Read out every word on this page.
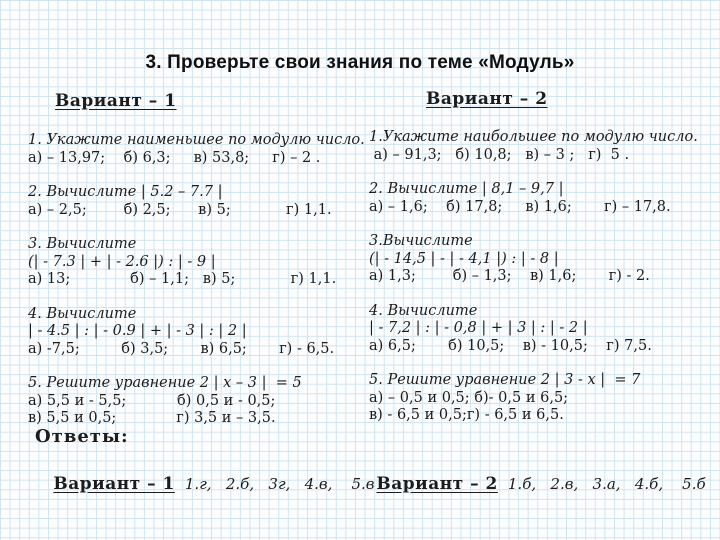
3. Проверьте свои знания по теме «Модуль»
Вариант – 1	Вариант – 2
1. Укажите наименьшее по модулю число.
а) – 13,97;    б) 6,3;     в) 53,8;     г) – 2 .
2. Вычислите | 5.2 – 7.7 |
а) – 2,5;        б) 2,5;      в) 5;            г) 1,1.
3. Вычислите
(| - 7.3 | + | - 2.6 |) : | - 9 |
а) 13;             б) – 1,1;   в) 5;            г) 1,1.
4. Вычислите
| - 4.5 | : | - 0.9 | + | - 3 | : | 2 |
а) -7,5;         б) 3,5;       в) 6,5;       г) - 6,5.
5. Решите уравнение 2 | x – 3 |  = 5
а) 5,5 и - 5,5;           б) 0,5 и - 0,5;
в) 5,5 и 0,5;             г) 3,5 и – 3,5.
1.Укажите наибольшее по модулю число.
а) – 91,3;   б) 10,8;   в) – 3 ;   г)  5 .
2. Вычислите | 8,1 – 9,7 |
а) – 1,6;    б) 17,8;     в) 1,6;       г) – 17,8.
3.Вычислите
(| - 14,5 | - | - 4,1 |) : | - 8 |
а) 1,3;        б) – 1,3;    в) 1,6;       г) - 2.
4. Вычислите
| - 7,2 | : | - 0,8 | + | 3 | : | - 2 |
а) 6,5;       б) 10,5;    в) - 10,5;    г) 7,5.
5. Решите уравнение 2 | 3 - x |  = 7
а) – 0,5 и 0,5; б)- 0,5 и 6,5;
в) - 6,5 и 0,5;г) - 6,5 и 6,5.
Ответы:

Вариант – 1 1.г,   2.б,   3г,   4.в,    5.в
Вариант – 2 1.б,   2.в,   3.а,   4.б,    5.б
